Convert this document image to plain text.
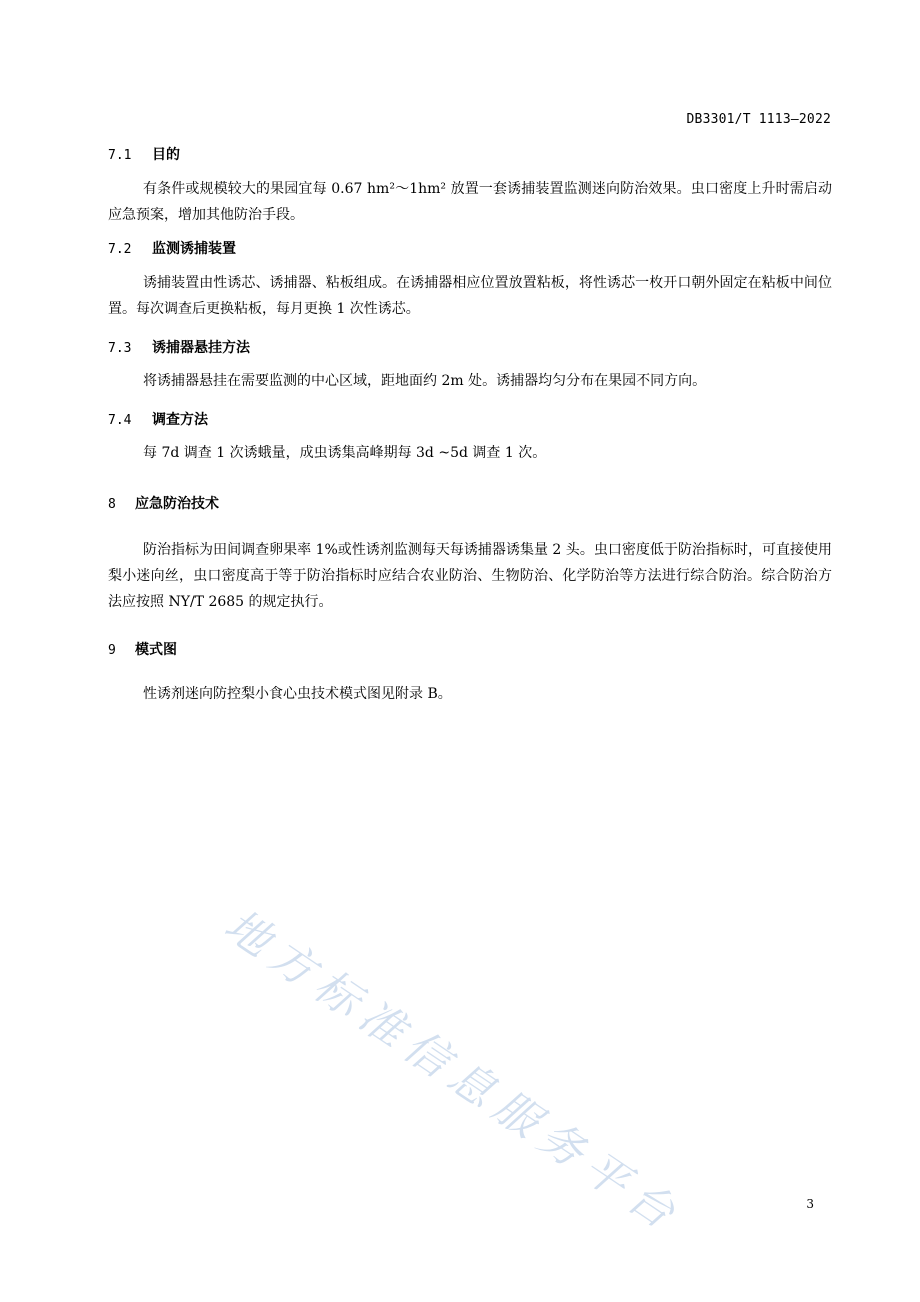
DB3301/T 1113—2022
7.1 目的
有条件或规模较大的果园宜每 0.67 hm²～1hm² 放置一套诱捕装置监测迷向防治效果。虫口密度上升时需启动应急预案，增加其他防治手段。
7.2 监测诱捕装置
诱捕装置由性诱芯、诱捕器、粘板组成。在诱捕器相应位置放置粘板，将性诱芯一枚开口朝外固定在粘板中间位置。每次调查后更换粘板，每月更换 1 次性诱芯。
7.3 诱捕器悬挂方法
将诱捕器悬挂在需要监测的中心区域，距地面约 2m 处。诱捕器均匀分布在果园不同方向。
7.4 调查方法
每 7d 调查 1 次诱蛾量，成虫诱集高峰期每 3d ~5d 调查 1 次。
8 应急防治技术
防治指标为田间调查卵果率 1%或性诱剂监测每天每诱捕器诱集量 2 头。虫口密度低于防治指标时，可直接使用梨小迷向丝，虫口密度高于等于防治指标时应结合农业防治、生物防治、化学防治等方法进行综合防治。综合防治方法应按照 NY/T 2685 的规定执行。
9 模式图
性诱剂迷向防控梨小食心虫技术模式图见附录 B。
地方标准信息服务平台	3
